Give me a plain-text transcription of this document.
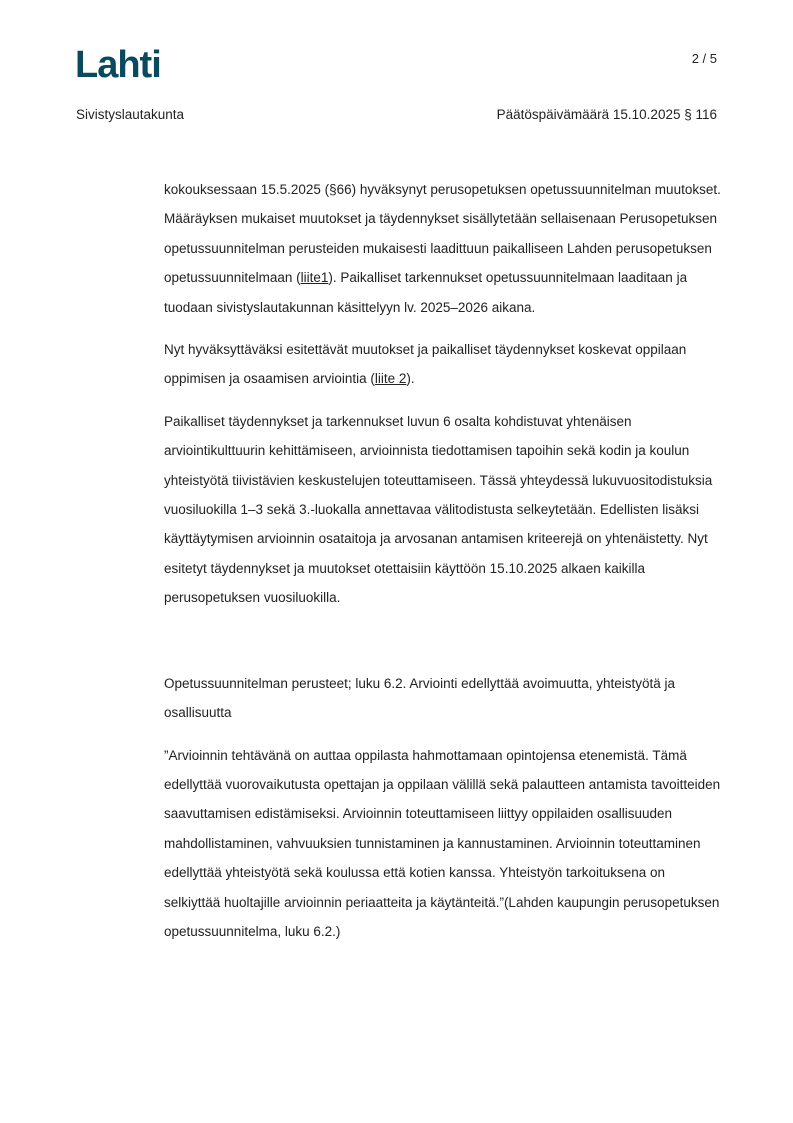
Lahti	2 / 5
Sivistyslautakunta	Päätöspäivämäärä 15.10.2025 § 116

kokouksessaan 15.5.2025 (§66) hyväksynyt perusopetuksen opetussuunnitelman muutokset. Määräyksen mukaiset muutokset ja täydennykset sisällytetään sellaisenaan Perusopetuksen opetussuunnitelman perusteiden mukaisesti laadittuun paikalliseen Lahden perusopetuksen opetussuunnitelmaan (liite1). Paikalliset tarkennukset opetussuunnitelmaan laaditaan ja tuodaan sivistyslautakunnan käsittelyyn lv. 2025–2026 aikana.

Nyt hyväksyttäväksi esitettävät muutokset ja paikalliset täydennykset koskevat oppilaan oppimisen ja osaamisen arviointia (liite 2).

Paikalliset täydennykset ja tarkennukset luvun 6 osalta kohdistuvat yhtenäisen arviointikulttuurin kehittämiseen, arvioinnista tiedottamisen tapoihin sekä kodin ja koulun yhteistyötä tiivistävien keskustelujen toteuttamiseen. Tässä yhteydessä lukuvuositodistuksia vuosiluokilla 1–3 sekä 3.-luokalla annettavaa välitodistusta selkeytetään. Edellisten lisäksi käyttäytymisen arvioinnin osataitoja ja arvosanan antamisen kriteerejä on yhtenäistetty. Nyt esitetyt täydennykset ja muutokset otettaisiin käyttöön 15.10.2025 alkaen kaikilla perusopetuksen vuosiluokilla.

Opetussuunnitelman perusteet; luku 6.2. Arviointi edellyttää avoimuutta, yhteistyötä ja osallisuutta

”Arvioinnin tehtävänä on auttaa oppilasta hahmottamaan opintojensa etenemistä. Tämä edellyttää vuorovaikutusta opettajan ja oppilaan välillä sekä palautteen antamista tavoitteiden saavuttamisen edistämiseksi. Arvioinnin toteuttamiseen liittyy oppilaiden osallisuuden mahdollistaminen, vahvuuksien tunnistaminen ja kannustaminen. Arvioinnin toteuttaminen edellyttää yhteistyötä sekä koulussa että kotien kanssa. Yhteistyön tarkoituksena on selkiyttää huoltajille arvioinnin periaatteita ja käytänteitä.”(Lahden kaupungin perusopetuksen opetussuunnitelma, luku 6.2.)
